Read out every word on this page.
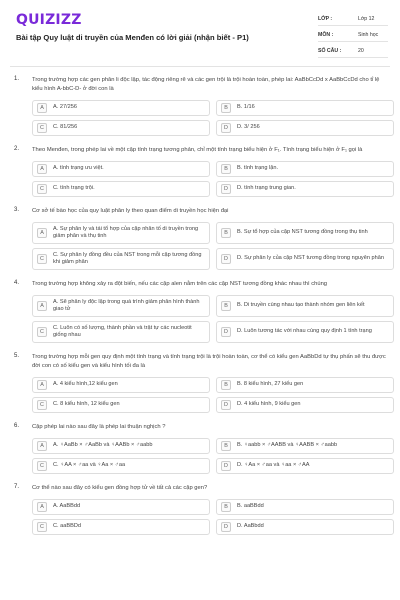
QUIZIZZ
Bài tập Quy luật di truyền của Menđen có lời giải (nhận biết - P1)
LỚP :	Lớp 12
MÔN :	Sinh học
SỐ CÂU :	20
1. Trong trường hợp các gen phân li độc lập, tác động riêng rẽ và các gen trội là trội hoàn toàn, phép lai: AaBbCcDd x AaBbCcDd cho tỉ lệ kiểu hình A-bbC-D- ở đời con là
A	A. 27/256	B	B. 1/16
C	C. 81/256	D	D. 3/ 256
2. Theo Menđen, trong phép lai về một cặp tính trạng tương phản, chỉ một tính trạng biểu hiện ở F₁. Tính trạng biểu hiện ở F₁ gọi là
A	A. tính trạng ưu việt.	B	B. tính trạng lặn.
C	C. tính trạng trội.	D	D. tính trạng trung gian.
3. Cơ sở tế bào học của quy luật phân ly theo quan điểm di truyền học hiện đại
A
A. Sự phân ly và tái tổ hợp của cặp nhân tố di truyền trong giảm phân và thụ tinh	B	B. Sự tổ hợp của cặp NST tương đồng trong thụ tinh
C
C. Sự phân ly đồng đều của NST trong mỗi cặp tương đồng khi giảm phân	D	D. Sự phân ly của cặp NST tương đồng trong nguyên phân
4. Trong trường hợp không xảy ra đột biến, nếu các cặp alen nằm trên các cặp NST tương đồng khác nhau thì chúng
A
A. Sẽ phân ly độc lập trong quá trình giảm phân hình thành giao tử	B	B. Di truyền cùng nhau tạo thành nhóm gen liên kết
C
C. Luôn có số lượng, thành phần và trật tự các nucleotit giống nhau	D	D. Luôn tương tác với nhau cùng quy định 1 tính trạng
5. Trong trường hợp mỗi gen quy định một tính trạng và tính trạng trội là trội hoàn toàn, cơ thể có kiểu gen AaBbDd tự thụ phấn sẽ thu được đời con có số kiểu gen và kiểu hình tối đa là
A	A. 4 kiểu hình,12 kiểu gen	B	B. 8 kiểu hình, 27 kiểu gen
C	C. 8 kiểu hình, 12 kiểu gen	D	D. 4 kiểu hình, 9 kiểu gen
6. Cặp phép lai nào sau đây là phép lai thuận nghịch ?
A	A. ♀AaBb × ♂AaBb và ♀AABb × ♂aabb	B	B. ♀aabb × ♂AABB và ♀AABB × ♂aabb
C	C. ♀AA × ♂aa và ♀Aa × ♂aa	D	D. ♀Aa × ♂aa và ♀aa × ♂AA
7. Cơ thể nào sau đây có kiểu gen đồng hợp tử về tất cả các cặp gen?
A	A. AaBBdd	B	B. aaBBdd
C	C. aaBBDd	D	D. AaBbdd
